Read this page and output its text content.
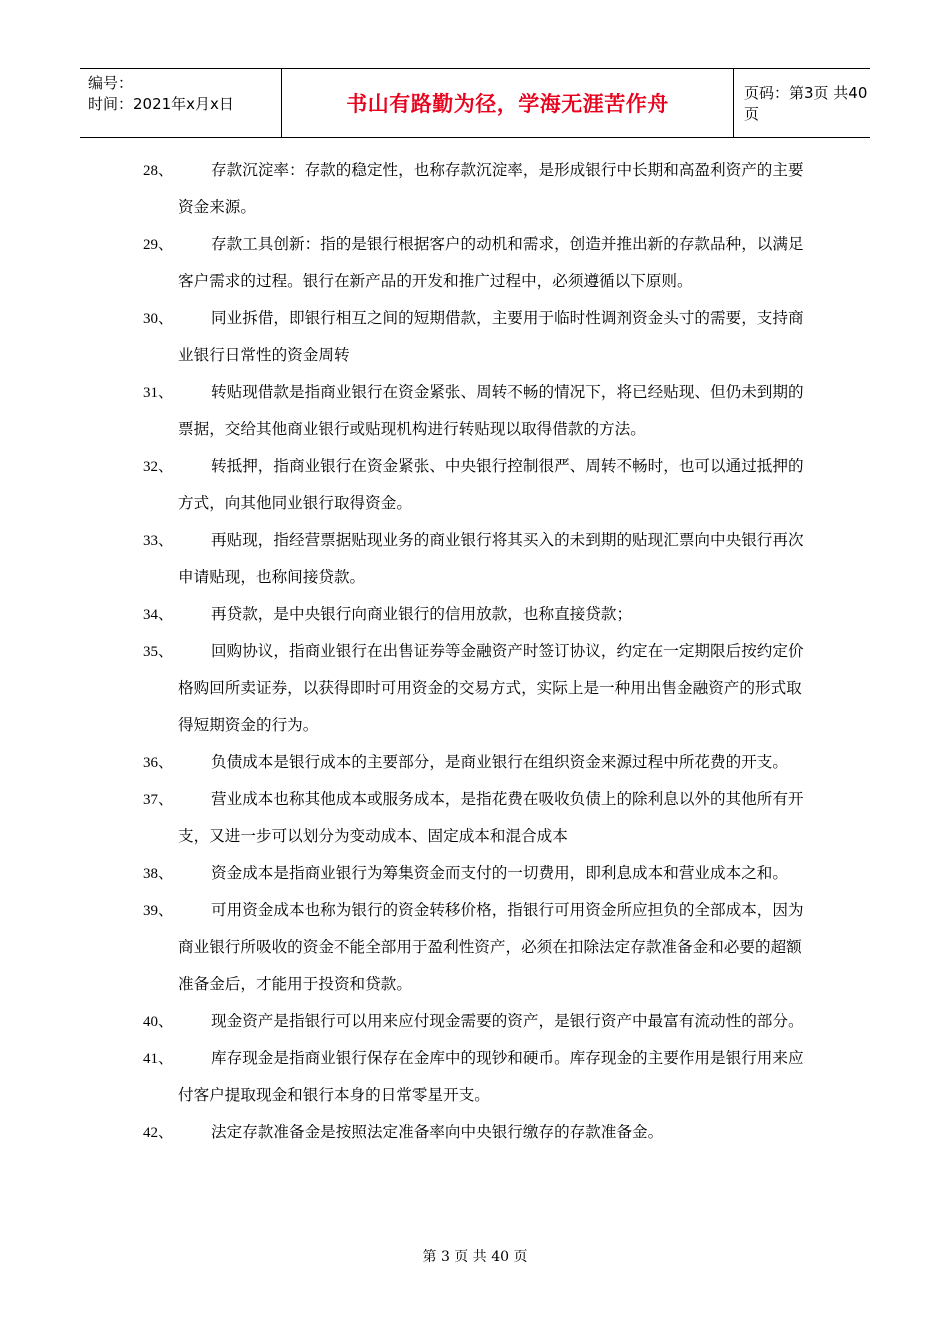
编号：
时间：2021年x月x日	书山有路勤为径，学海无涯苦作舟	页码：第3页 共40页
28、	存款沉淀率：存款的稳定性，也称存款沉淀率，是形成银行中长期和高盈利资产的主要资金来源。
29、	存款工具创新：指的是银行根据客户的动机和需求，创造并推出新的存款品种，以满足客户需求的过程。银行在新产品的开发和推广过程中，必须遵循以下原则。
30、	同业拆借，即银行相互之间的短期借款，主要用于临时性调剂资金头寸的需要，支持商业银行日常性的资金周转
31、	转贴现借款是指商业银行在资金紧张、周转不畅的情况下，将已经贴现、但仍未到期的票据，交给其他商业银行或贴现机构进行转贴现以取得借款的方法。
32、	转抵押，指商业银行在资金紧张、中央银行控制很严、周转不畅时，也可以通过抵押的方式，向其他同业银行取得资金。
33、	再贴现，指经营票据贴现业务的商业银行将其买入的未到期的贴现汇票向中央银行再次申请贴现，也称间接贷款。
34、	再贷款，是中央银行向商业银行的信用放款，也称直接贷款；
35、	回购协议，指商业银行在出售证券等金融资产时签订协议，约定在一定期限后按约定价格购回所卖证券，以获得即时可用资金的交易方式，实际上是一种用出售金融资产的形式取得短期资金的行为。
36、	负债成本是银行成本的主要部分，是商业银行在组织资金来源过程中所花费的开支。
37、	营业成本也称其他成本或服务成本，是指花费在吸收负债上的除利息以外的其他所有开支，又进一步可以划分为变动成本、固定成本和混合成本
38、	资金成本是指商业银行为筹集资金而支付的一切费用，即利息成本和营业成本之和。
39、	可用资金成本也称为银行的资金转移价格，指银行可用资金所应担负的全部成本，因为商业银行所吸收的资金不能全部用于盈利性资产，必须在扣除法定存款准备金和必要的超额准备金后，才能用于投资和贷款。
40、	现金资产是指银行可以用来应付现金需要的资产，是银行资产中最富有流动性的部分。
41、	库存现金是指商业银行保存在金库中的现钞和硬币。库存现金的主要作用是银行用来应付客户提取现金和银行本身的日常零星开支。
42、	法定存款准备金是按照法定准备率向中央银行缴存的存款准备金。
第 3 页 共 40 页
